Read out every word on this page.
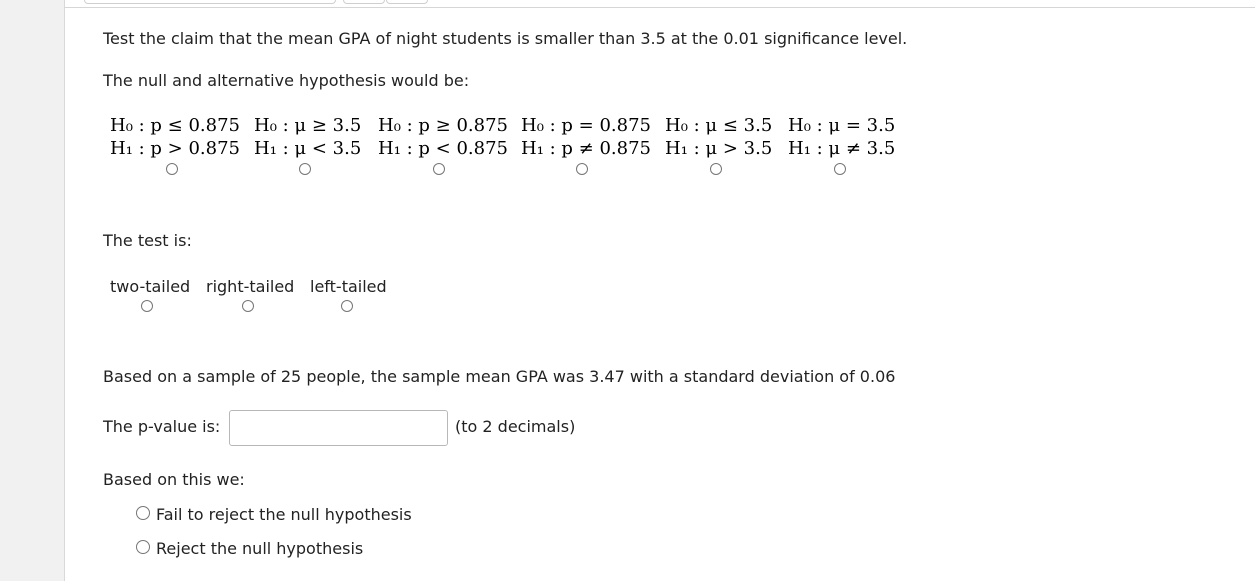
Test the claim that the mean GPA of night students is smaller than 3.5 at the 0.01 significance level.
The null and alternative hypothesis would be:
H₀ : p ≤ 0.875
H₁ : p > 0.875
H₀ : μ ≥ 3.5
H₁ : μ < 3.5
H₀ : p ≥ 0.875
H₁ : p < 0.875
H₀ : p = 0.875
H₁ : p ≠ 0.875
H₀ : μ ≤ 3.5
H₁ : μ > 3.5
H₀ : μ = 3.5
H₁ : μ ≠ 3.5
The test is:
two-tailed right-tailed left-tailed
Based on a sample of 25 people, the sample mean GPA was 3.47 with a standard deviation of 0.06
The p-value is:	(to 2 decimals)
Based on this we:
Fail to reject the null hypothesis
Reject the null hypothesis
